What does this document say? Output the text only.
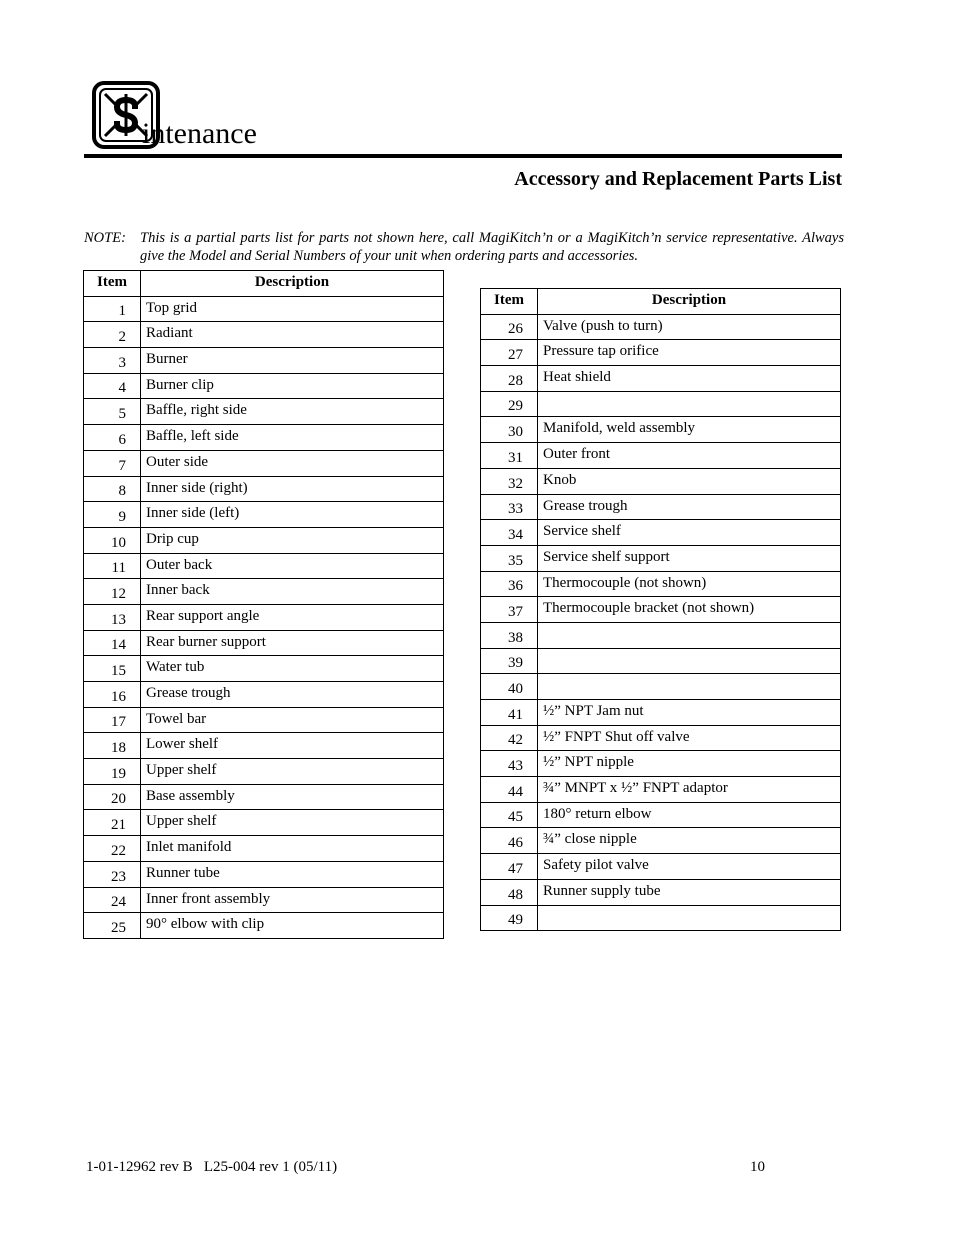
intenance
Accessory and Replacement Parts List
NOTE: This is a partial parts list for parts not shown here, call MagiKitch’n or a MagiKitch’n service representative. Always give the Model and Serial Numbers of your unit when ordering parts and accessories.
Item	Description
1	Top grid
2	Radiant
3	Burner
4	Burner clip
5	Baffle, right side
6	Baffle, left side
7	Outer side
8	Inner side (right)
9	Inner side (left)
10	Drip cup
11	Outer back
12	Inner back
13	Rear support angle
14	Rear burner support
15	Water tub
16	Grease trough
17	Towel bar
18	Lower shelf
19	Upper shelf
20	Base assembly
21	Upper shelf
22	Inlet manifold
23	Runner tube
24	Inner front assembly
25	90° elbow with clip
Item	Description
26	Valve (push to turn)
27	Pressure tap orifice
28	Heat shield
29	
30	Manifold, weld assembly
31	Outer front
32	Knob
33	Grease trough
34	Service shelf
35	Service shelf support
36	Thermocouple (not shown)
37	Thermocouple bracket (not shown)
38	
39	
40	
41	½” NPT Jam nut
42	½” FNPT Shut off valve
43	½” NPT nipple
44	¾” MNPT x ½” FNPT adaptor
45	180° return elbow
46	¾” close nipple
47	Safety pilot valve
48	Runner supply tube
49	
1-01-12962 rev B   L25-004 rev 1 (05/11)	10
